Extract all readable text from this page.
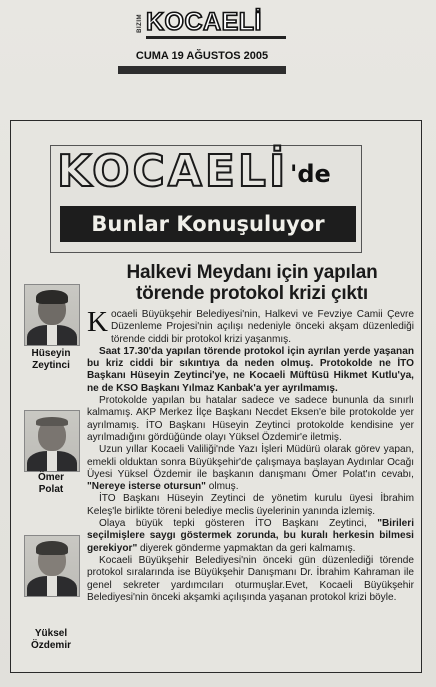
BİZİM KOCAELİ
CUMA 19 AĞUSTOS 2005
KOCAELİ 'de
Bunlar Konuşuluyor
Halkevi Meydanı için yapılan törende protokol krizi çıktı
Hüseyin
Zeytinci
Ömer
Polat
Yüksel
Özdemir

Kocaeli Büyükşehir Belediyesi'nin, Halkevi ve Fevziye Camii Çevre Düzenleme Projesi'nin açılışı nedeniyle önceki akşam düzenlediği törende ciddi bir protokol krizi yaşanmış.

Saat 17.30'da yapılan törende protokol için ayrılan yerde yaşanan bu kriz ciddi bir sıkıntıya da neden olmuş. Protokolde ne İTO Başkanı Hüseyin Zeytinci'ye, ne Kocaeli Müftüsü Hikmet Kutlu'ya, ne de KSO Başkanı Yılmaz Kanbak'a yer ayrılmamış.

Protokolde yapılan bu hatalar sadece ve sadece bununla da sınırlı kalmamış. AKP Merkez İlçe Başkanı Necdet Eksen'e bile protokolde yer ayrılmamış. İTO Başkanı Hüseyin Zeytinci protokolde kendisine yer ayrılmadığını gördüğünde olayı Yüksel Özdemir'e iletmiş.

Uzun yıllar Kocaeli Valiliği'nde Yazı İşleri Müdürü olarak görev yapan, emekli olduktan sonra Büyükşehir'de çalışmaya başlayan Aydınlar Ocağı Üyesi Yüksel Özdemir ile başkanın danışmanı Ömer Polat'ın cevabı, "Nereye isterse otursun" olmuş.

İTO Başkanı Hüseyin Zeytinci de yönetim kurulu üyesi İbrahim Keleş'le birlikte töreni belediye meclis üyelerinin yanında izlemiş.

Olaya büyük tepki gösteren İTO Başkanı Zeytinci, "Birileri seçilmişlere saygı göstermek zorunda, bu kuralı herkesin bilmesi gerekiyor" diyerek gönderme yapmaktan da geri kalmamış.

Kocaeli Büyükşehir Belediyesi'nin önceki gün düzenlediği törende protokol sıralarında ise Büyükşehir Danışmanı Dr. İbrahim Kahraman ile genel sekreter yardımcıları oturmuşlar.Evet, Kocaeli Büyükşehir Belediyesi'nin önceki akşamki açılışında yaşanan protokol krizi böyle.
